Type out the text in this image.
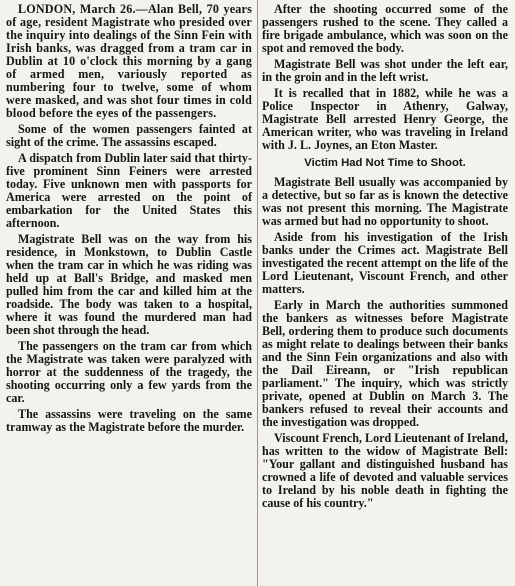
LONDON, March 26.—Alan Bell, 70 years of age, resident Magistrate who presided over the inquiry into dealings of the Sinn Fein with Irish banks, was dragged from a tram car in Dublin at 10 o'clock this morning by a gang of armed men, variously reported as numbering four to twelve, some of whom were masked, and was shot four times in cold blood before the eyes of the passengers.

Some of the women passengers fainted at sight of the crime. The assassins escaped.

A dispatch from Dublin later said that thirty-five prominent Sinn Feiners were arrested today. Five unknown men with passports for America were arrested on the point of embarkation for the United States this afternoon.

Magistrate Bell was on the way from his residence, in Monkstown, to Dublin Castle when the tram car in which he was riding was held up at Ball's Bridge, and masked men pulled him from the car and killed him at the roadside. The body was taken to a hospital, where it was found the murdered man had been shot through the head.

The passengers on the tram car from which the Magistrate was taken were paralyzed with horror at the suddenness of the tragedy, the shooting occurring only a few yards from the car.

The assassins were traveling on the same tramway as the Magistrate before the murder.

After the shooting occurred some of the passengers rushed to the scene. They called a fire brigade ambulance, which was soon on the spot and removed the body.

Magistrate Bell was shot under the left ear, in the groin and in the left wrist.

It is recalled that in 1882, while he was a Police Inspector in Athenry, Galway, Magistrate Bell arrested Henry George, the American writer, who was traveling in Ireland with J. L. Joynes, an Eton Master.

Victim Had Not Time to Shoot.

Magistrate Bell usually was accompanied by a detective, but so far as is known the detective was not present this morning. The Magistrate was armed but had no opportunity to shoot.

Aside from his investigation of the Irish banks under the Crimes act. Magistrate Bell investigated the recent attempt on the life of the Lord Lieutenant, Viscount French, and other matters.

Early in March the authorities summoned the bankers as witnesses before Magistrate Bell, ordering them to produce such documents as might relate to dealings between their banks and the Sinn Fein organizations and also with the Dail Eireann, or "Irish republican parliament." The inquiry, which was strictly private, opened at Dublin on March 3. The bankers refused to reveal their accounts and the investigation was dropped.

Viscount French, Lord Lieutenant of Ireland, has written to the widow of Magistrate Bell: "Your gallant and distinguished husband has crowned a life of devoted and valuable services to Ireland by his noble death in fighting the cause of his country."
